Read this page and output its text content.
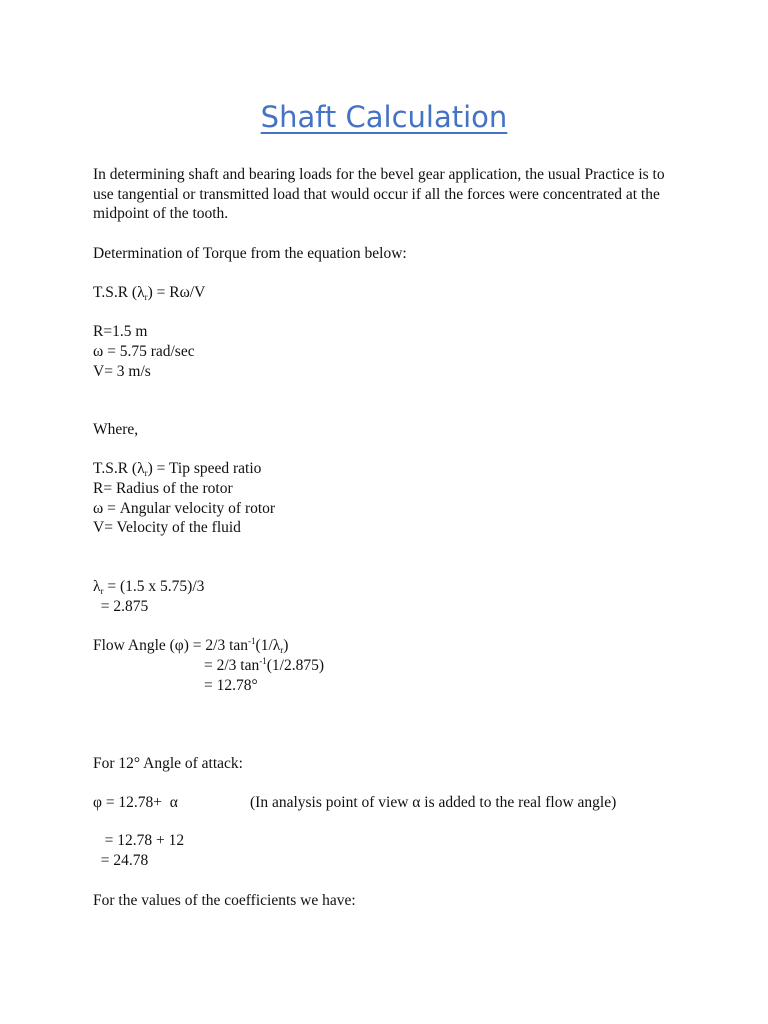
Shaft Calculation
In determining shaft and bearing loads for the bevel gear application, the usual Practice is to use tangential or transmitted load that would occur if all the forces were concentrated at the midpoint of the tooth.
Determination of Torque from the equation below:
T.S.R $(\lambda_r) = R\omega/V$
R=1.5 m
ω = 5.75 rad/sec
V= 3 m/s
Where,
T.S.R $(\lambda_r)$ = Tip speed ratio
R= Radius of the rotor
ω = Angular velocity of rotor
V= Velocity of the fluid
$\lambda_r = (1.5$ x 5.75)/3
= 2.875
Flow Angle (φ) = 2/3 $\tan^{-1}(1/\lambda_r)$
= 2/3 $\tan^{-1}(1/2.875)$
= 12.78°
For 12° Angle of attack:
φ = 12.78+  α	(In analysis point of view α is added to the real flow angle)
= 12.78 + 12
= 24.78
For the values of the coefficients we have:
